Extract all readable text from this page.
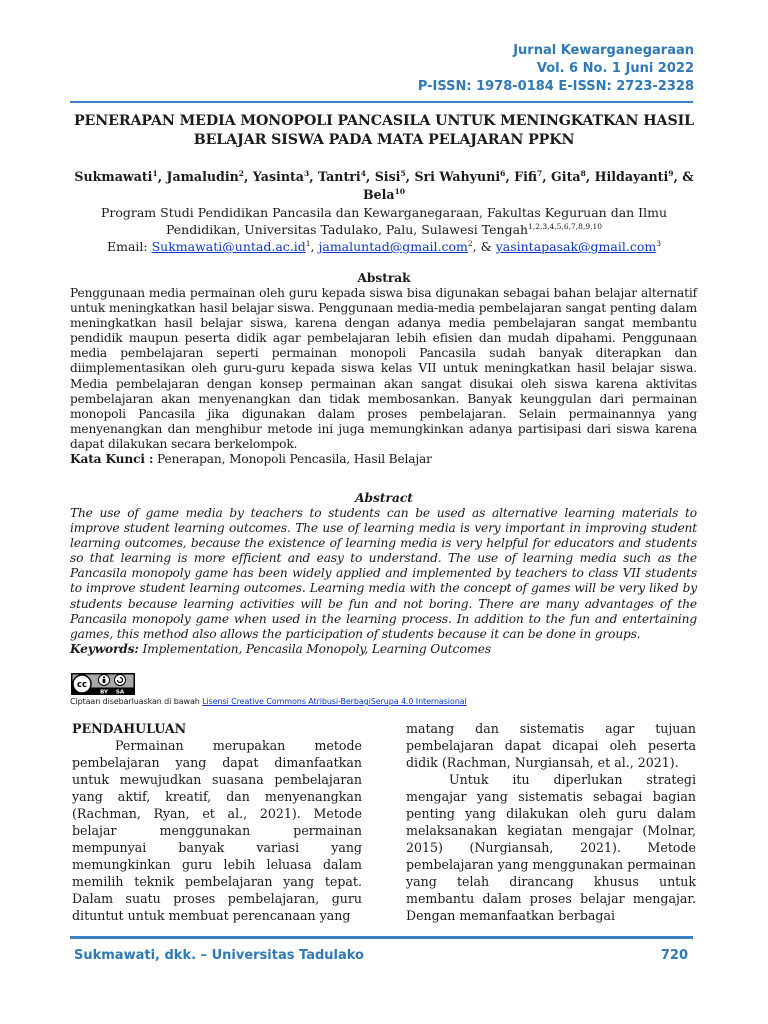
Jurnal Kewarganegaraan
Vol. 6 No. 1 Juni 2022
P-ISSN: 1978-0184 E-ISSN: 2723-2328
PENERAPAN MEDIA MONOPOLI PANCASILA UNTUK MENINGKATKAN HASIL BELAJAR SISWA PADA MATA PELAJARAN PPKN
Sukmawati$^1$, Jamaludin$^2$, Yasinta$^3$, Tantri$^4$, Sisi$^5$, Sri Wahyuni$^6$, Fifi$^7$, Gita$^8$, Hildayanti$^9$, & Bela$^{10}$
Program Studi Pendidikan Pancasila dan Kewarganegaraan, Fakultas Keguruan dan Ilmu Pendidikan, Universitas Tadulako, Palu, Sulawesi Tengah$^{1,2,3,4,5,6,7,8,9,10}$
Email: $Sukmawati@untad.ac.id^1$, jamaluntad@gmail.com$^2$, & yasintapasak@gmail.com$^3$
Abstrak
Penggunaan media permainan oleh guru kepada siswa bisa digunakan sebagai bahan belajar alternatif untuk meningkatkan hasil belajar siswa. Penggunaan media-media pembelajaran sangat penting dalam meningkatkan hasil belajar siswa, karena dengan adanya media pembelajaran sangat membantu pendidik maupun peserta didik agar pembelajaran lebih efisien dan mudah dipahami. Penggunaan media pembelajaran seperti permainan monopoli Pancasila sudah banyak diterapkan dan diimplementasikan oleh guru-guru kepada siswa kelas VII untuk meningkatkan hasil belajar siswa. Media pembelajaran dengan konsep permainan akan sangat disukai oleh siswa karena aktivitas pembelajaran akan menyenangkan dan tidak membosankan. Banyak keunggulan dari permainan monopoli Pancasila jika digunakan dalam proses pembelajaran. Selain permainannya yang menyenangkan dan menghibur metode ini juga memungkinkan adanya partisipasi dari siswa karena dapat dilakukan secara berkelompok.
Kata Kunci : Penerapan, Monopoli Pencasila, Hasil Belajar
Abstract
The use of game media by teachers to students can be used as alternative learning materials to improve student learning outcomes. The use of learning media is very important in improving student learning outcomes, because the existence of learning media is very helpful for educators and students so that learning is more efficient and easy to understand. The use of learning media such as the Pancasila monopoly game has been widely applied and implemented by teachers to class VII students to improve student learning outcomes. Learning media with the concept of games will be very liked by students because learning activities will be fun and not boring. There are many advantages of the Pancasila monopoly game when used in the learning process. In addition to the fun and entertaining games, this method also allows the participation of students because it can be done in groups.
Keywords: Implementation, Pencasila Monopoly, Learning Outcomes
cc
BY SA
Ciptaan disebarluaskan di bawah Lisensi Creative Commons Atribusi-BerbagiSerupa 4.0 Internasional

PENDAHULUAN

Permainan merupakan metode pembelajaran yang dapat dimanfaatkan untuk mewujudkan suasana pembelajaran yang aktif, kreatif, dan menyenangkan (Rachman, Ryan, et al., 2021). Metode belajar menggunakan permainan mempunyai banyak variasi yang memungkinkan guru lebih leluasa dalam memilih teknik pembelajaran yang tepat. Dalam suatu proses pembelajaran, guru dituntut untuk membuat perencanaan yang

matang dan sistematis agar tujuan pembelajaran dapat dicapai oleh peserta didik (Rachman, Nurgiansah, et al., 2021).

Untuk itu diperlukan strategi mengajar yang sistematis sebagai bagian penting yang dilakukan oleh guru dalam melaksanakan kegiatan mengajar (Molnar, 2015) (Nurgiansah, 2021). Metode pembelajaran yang menggunakan permainan yang telah dirancang khusus untuk membantu dalam proses belajar mengajar. Dengan memanfaatkan berbagai

Sukmawati, dkk. – Universitas Tadulako	720
